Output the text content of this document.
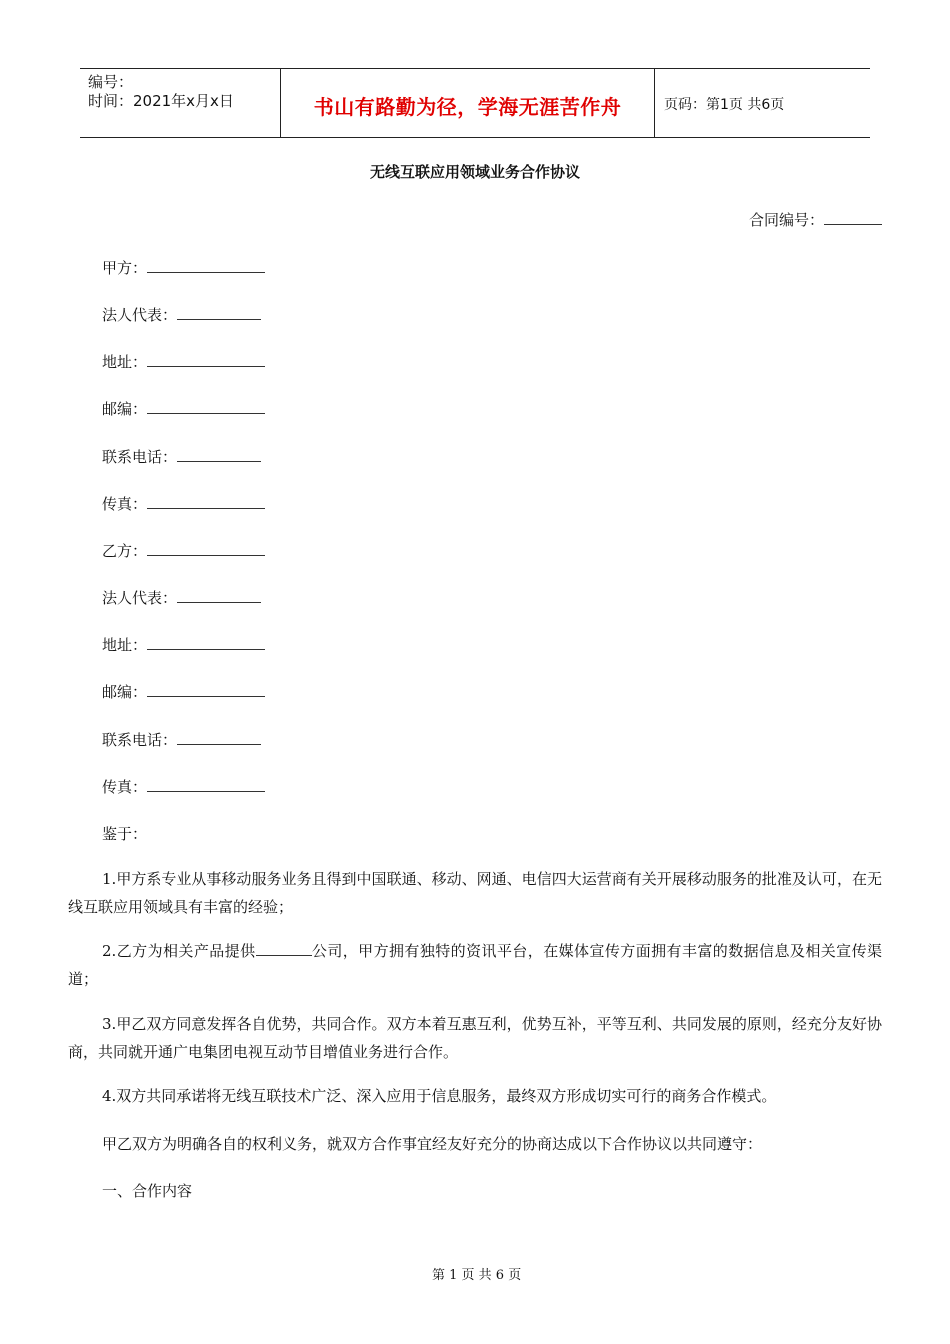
编号：
时间：2021年x月x日	书山有路勤为径，学海无涯苦作舟	页码：第1页 共6页
无线互联应用领域业务合作协议
合同编号：
甲方：
法人代表：
地址：
邮编：
联系电话：
传真：
乙方：
法人代表：
地址：
邮编：
联系电话：
传真：
鉴于：
1.甲方系专业从事移动服务业务且得到中国联通、移动、网通、电信四大运营商有关开展移动服务的批准及认可，在无线互联应用领域具有丰富的经验；
2.乙方为相关产品提供	公司，甲方拥有独特的资讯平台，在媒体宣传方面拥有丰富的数据信息及相关宣传渠道；
3.甲乙双方同意发挥各自优势，共同合作。双方本着互惠互利，优势互补，平等互利、共同发展的原则，经充分友好协商，共同就开通广电集团电视互动节目增值业务进行合作。
4.双方共同承诺将无线互联技术广泛、深入应用于信息服务，最终双方形成切实可行的商务合作模式。
甲乙双方为明确各自的权利义务，就双方合作事宜经友好充分的协商达成以下合作协议以共同遵守：
一、合作内容
第 1 页 共 6 页
